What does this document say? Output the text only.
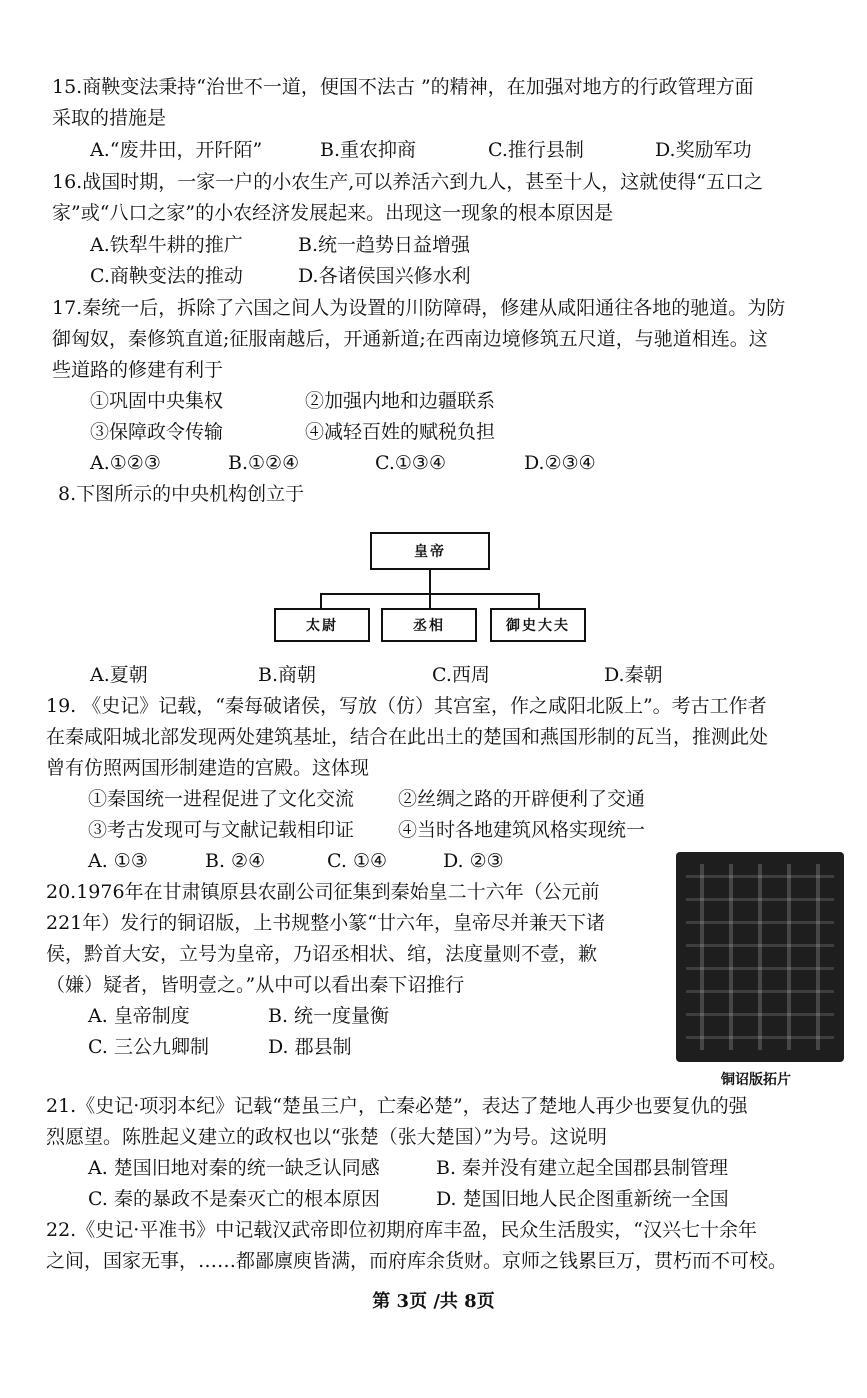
15.商鞅变法秉持“治世不一道，便国不法古 ”的精神，在加强对地方的行政管理方面
采取的措施是
A.“废井田，开阡陌”	B.重农抑商	C.推行县制	D.奖励军功
16.战国时期，一家一户的小农生产,可以养活六到九人，甚至十人，这就使得“五口之
家”或“八口之家”的小农经济发展起来。出现这一现象的根本原因是
A.铁犁牛耕的推广	B.统一趋势日益增强
C.商鞅变法的推动	D.各诸侯国兴修水利
17.秦统一后，拆除了六国之间人为设置的川防障碍，修建从咸阳通往各地的驰道。为防
御匈奴，秦修筑直道;征服南越后，开通新道;在西南边境修筑五尺道，与驰道相连。这
些道路的修建有利于
①巩固中央集权	②加强内地和边疆联系
③保障政令传输	④减轻百姓的赋税负担
A.①②③	B.①②④	C.①③④	D.②③④
8.下图所示的中央机构创立于
皇帝
太尉	丞相	御史大夫
A.夏朝	B.商朝	C.西周	D.秦朝
19. 《史记》记载，“秦每破诸侯，写放（仿）其宫室，作之咸阳北阪上”。考古工作者
在秦咸阳城北部发现两处建筑基址，结合在此出土的楚国和燕国形制的瓦当，推测此处
曾有仿照两国形制建造的宫殿。这体现
①秦国统一进程促进了文化交流 ②丝绸之路的开辟便利了交通
③考古发现可与文献记载相印证 ④当时各地建筑风格实现统一
A. ①③	B. ②④	C. ①④	D. ②③
20.1976年在甘肃镇原县农副公司征集到秦始皇二十六年（公元前
221年）发行的铜诏版，上书规整小篆“廿六年，皇帝尽并兼天下诸
侯，黔首大安，立号为皇帝，乃诏丞相状、绾，法度量则不壹，歉
（嫌）疑者，皆明壹之。”从中可以看出秦下诏推行
A. 皇帝制度	B. 统一度量衡
C. 三公九卿制	D. 郡县制
铜诏版拓片
21.《史记·项羽本纪》记载“楚虽三户，亡秦必楚”，表达了楚地人再少也要复仇的强
烈愿望。陈胜起义建立的政权也以“张楚（张大楚国）”为号。这说明
A. 楚国旧地对秦的统一缺乏认同感	B. 秦并没有建立起全国郡县制管理
C. 秦的暴政不是秦灭亡的根本原因	D. 楚国旧地人民企图重新统一全国
22.《史记·平准书》中记载汉武帝即位初期府库丰盈，民众生活殷实，“汉兴七十余年
之间，国家无事，……都鄙廪庾皆满，而府库余货财。京师之钱累巨万，贯朽而不可校。
第 3页 /共 8页
